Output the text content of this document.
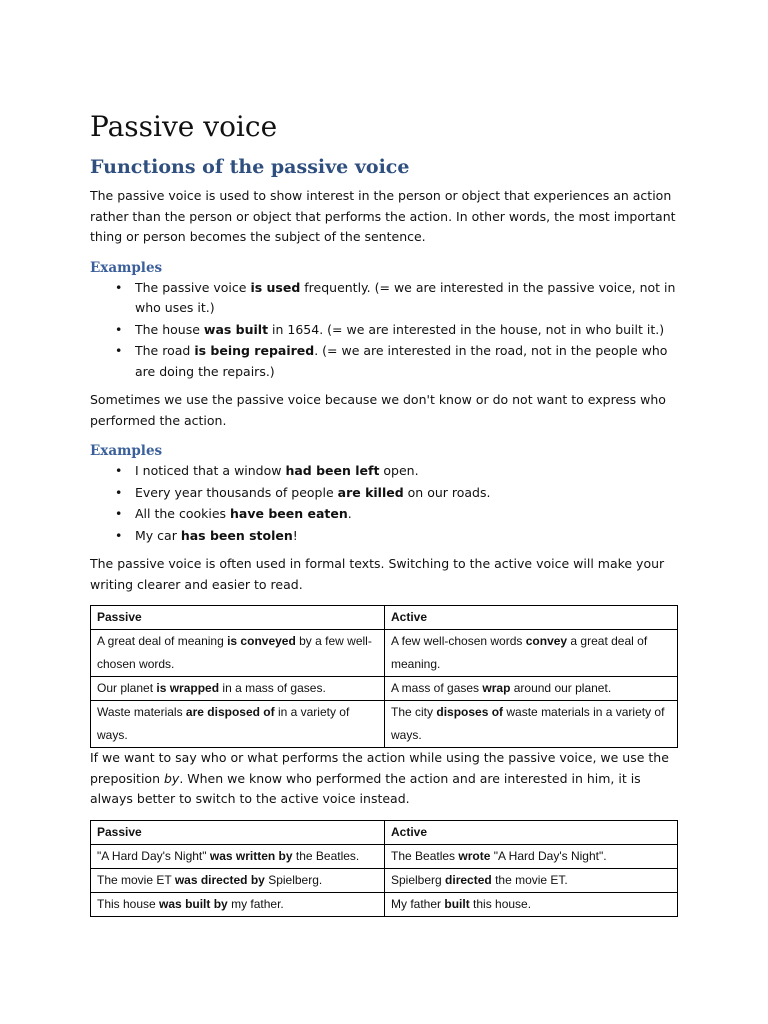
Passive voice
Functions of the passive voice

The passive voice is used to show interest in the person or object that experiences an action rather than the person or object that performs the action. In other words, the most important thing or person becomes the subject of the sentence.

Examples
• The passive voice is used frequently. (= we are interested in the passive voice, not in who uses it.)
• The house was built in 1654. (= we are interested in the house, not in who built it.)
• The road is being repaired. (= we are interested in the road, not in the people who are doing the repairs.)

Sometimes we use the passive voice because we don't know or do not want to express who performed the action.

Examples
• I noticed that a window had been left open.
• Every year thousands of people are killed on our roads.
• All the cookies have been eaten.
• My car has been stolen!

The passive voice is often used in formal texts. Switching to the active voice will make your writing clearer and easier to read.

Passive	Active
A great deal of meaning is conveyed by a few well-chosen words.	A few well-chosen words convey a great deal of meaning.
Our planet is wrapped in a mass of gases.	A mass of gases wrap around our planet.
Waste materials are disposed of in a variety of ways.	The city disposes of waste materials in a variety of ways.

If we want to say who or what performs the action while using the passive voice, we use the preposition by. When we know who performed the action and are interested in him, it is always better to switch to the active voice instead.

Passive	Active
"A Hard Day's Night" was written by the Beatles.	The Beatles wrote "A Hard Day's Night".
The movie ET was directed by Spielberg.	Spielberg directed the movie ET.
This house was built by my father.	My father built this house.
